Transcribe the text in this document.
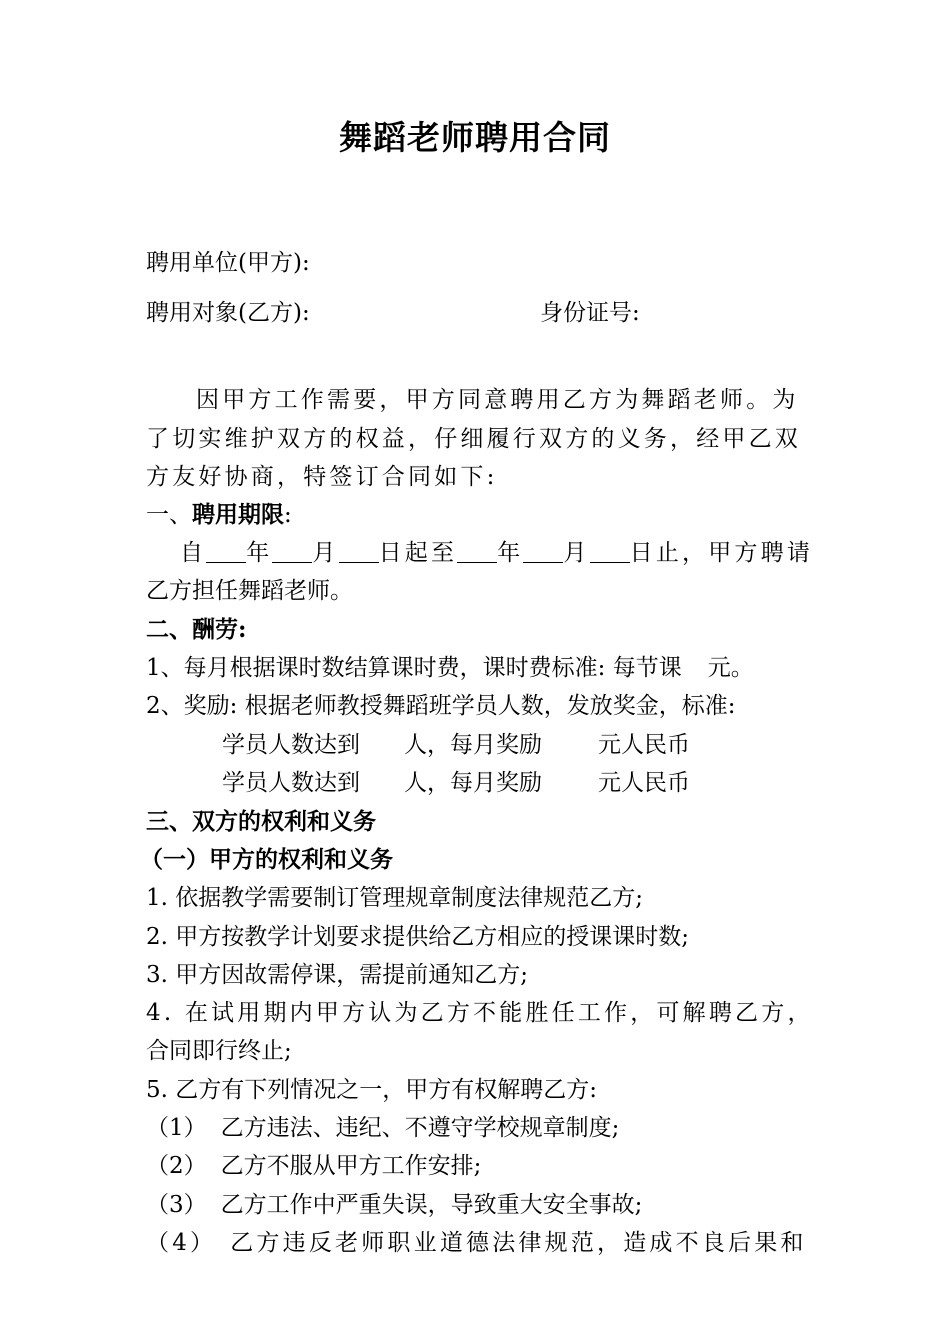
舞蹈老师聘用合同
聘用单位(甲方):
聘用对象(乙方):	身份证号:
因甲方工作需要，甲方同意聘用乙方为舞蹈老师。为
了切实维护双方的权益，仔细履行双方的义务，经甲乙双
方友好协商，特签订合同如下:
一、聘用期限:
自 年 月 日起至 年 月 日止，甲方聘请
乙方担任舞蹈老师。
二、酬劳:
1、每月根据课时数结算课时费，课时费标准: 每节课 元。
2、奖励: 根据老师教授舞蹈班学员人数，发放奖金，标准:
学员人数达到 人，每月奖励 元人民币
学员人数达到 人，每月奖励 元人民币
三、双方的权利和义务
（一）甲方的权利和义务
1. 依据教学需要制订管理规章制度法律规范乙方;
2. 甲方按教学计划要求提供给乙方相应的授课课时数;
3. 甲方因故需停课，需提前通知乙方;
4. 在试用期内甲方认为乙方不能胜任工作，可解聘乙方，
合同即行终止;
5. 乙方有下列情况之一，甲方有权解聘乙方:
（1） 乙方违法、违纪、不遵守学校规章制度;
（2） 乙方不服从甲方工作安排;
（3） 乙方工作中严重失误，导致重大安全事故;
（4） 乙方违反老师职业道德法律规范，造成不良后果和
